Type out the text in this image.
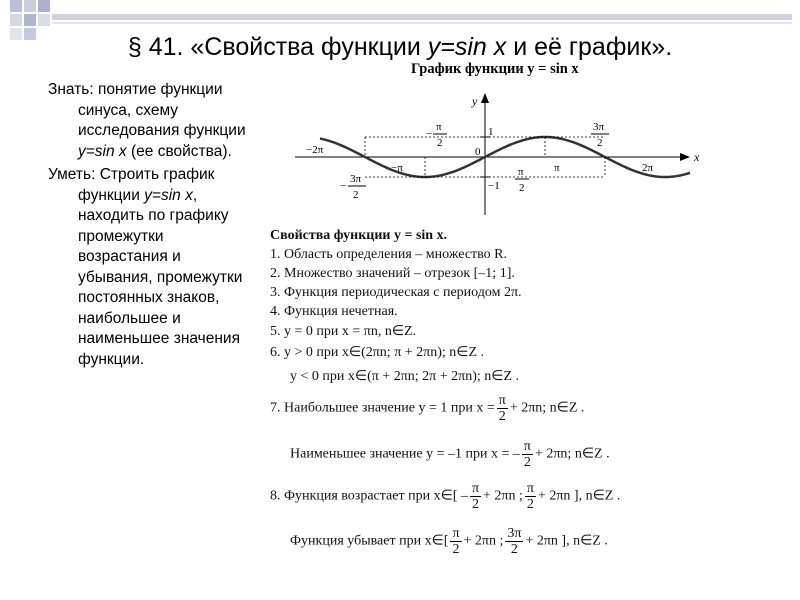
§ 41. «Свойства функции y=sin x и её график».

Знать: понятие функции синуса, схему исследования функции y=sin x (ее свойства).

Уметь: Строить график функции y=sin x, находить по графику промежутки возрастания и убывания, промежутки постоянных знаков, наибольшее и наименьшее значения функции.

График функции y = sin x
y
x
1
−1
0
−2π
−π	π	2π
−
3π
2
−
π
2
π
2
3π
2
Свойства функции y = sin x.
1. Область определения – множество R.
2. Множество значений – отрезок [–1; 1].
3. Функция периодическая с периодом 2π.
4. Функция нечетная.
5. y = 0 при x = πn, n∈Z.
6. y > 0 при x∈(2πn; π + 2πn); n∈Z .
y < 0 при x∈(π + 2πn; 2π + 2πn); n∈Z .
7. Наибольшее значение y = 1 при $x = \frac{\pi}{2} + 2\pi n$; n∈Z .
Наименьшее значение y = –1 при x = – $\frac{\pi}{2} + 2\pi n$; n∈Z .
8. Функция возрастает при x∈[ – $\frac{\pi}{2} + 2\pi n$ ; $\frac{\pi}{2} + 2\pi n$ ], n∈Z .
Функция убывает при x∈[ $\frac{\pi}{2} + 2\pi n$ ; $\frac{3\pi}{2} + 2\pi n$ ], n∈Z .
